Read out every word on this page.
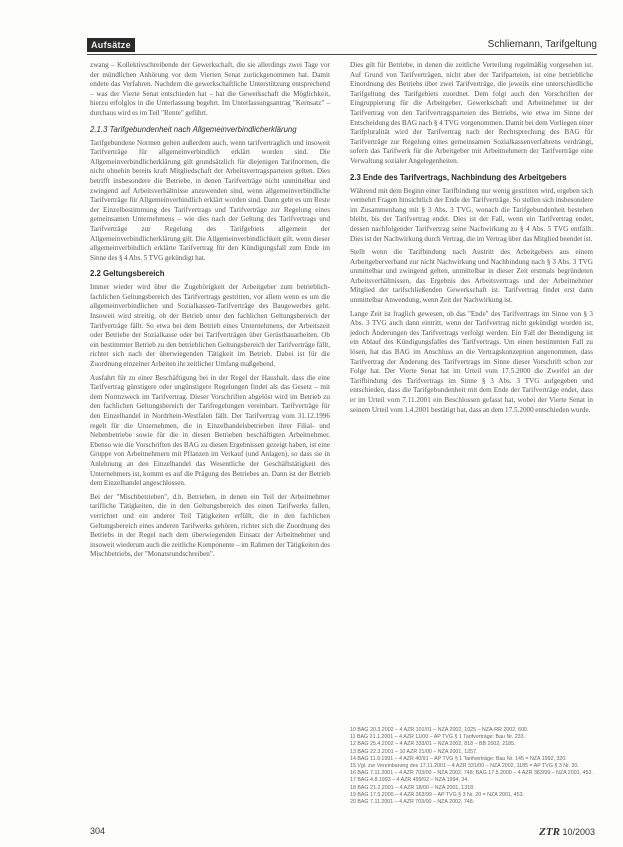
Aufsätze	Schliemann, Tarifgeltung

zwang – Kollektivschreibende der Gewerkschaft, die sie allerdings zwei Tage vor der mündlichen Anhörung vor dem Vierten Senat zurückgenommen hat. Damit endete das Verfahren. Nachdem die gewerkschaftliche Unterstützung entsprechend – was der Vierte Senat entschieden hat – hat die Gewerkschaft die Möglichkeit, hierzu erfolglos in die Unterlassung begehrt. Im Unterlassungsantrag "Kernsatz" – durchaus wird es im Teil "Rente" geführt.

2.1.3 Tarifgebundenheit nach Allgemeinverbindlicherklärung

Tarifgebundene Normen gelten außerdem auch, wenn tarifvertraglich und insoweit Tarifverträge für allgemeinverbindlich erklärt worden sind. Die Allgemeinverbindlicherklärung gilt grundsätzlich für diejenigen Tarifnormen, die nicht ohnehin bereits kraft Mitgliedschaft der Arbeitsvertragsparteien gelten. Dies betrifft insbesondere die Betriebe, in denen Tarifverträge nicht unmittelbar und zwingend auf Arbeitsverhältnisse anzuwenden sind, wenn allgemeinverbindliche Tarifverträge für Allgemeinverbindlich erklärt worden sind. Dann geht es um Reste der Einzelbestimmung des Tarifvertrags und Tarifverträge zur Regelung eines gemeinsamen Unternehmens – wie dies nach der Geltung des Tarifvertrags und Tarifverträge zur Regelung des Tarifgebiets allgemein der Allgemeinverbindlicherklärung gilt. Die Allgemeinverbindlichkeit gilt, wenn dieser allgemeinverbindlich erklärte Tarifvertrag für den Kündigungsfall zum Ende im Sinne des § 4 Abs. 5 TVG gekündigt hat.

2.2 Geltungsbereich

Immer wieder wird über die Zugehörigkeit der Arbeitgeber zum betrieblich-fachlichen Geltungsbereich des Tarifvertrags gestritten, vor allem wenn es um die allgemeinverbindlichen und Sozialkassen-Tarifverträge des Baugewerbes geht. Insoweit wird streitig, ob der Betrieb unter den fachlichen Geltungsbereich der Tarifverträge fällt. So etwa bei dem Betrieb eines Unternehmens, der Arbeitszeit oder Betriebe der Sozialkasse oder bei Tarifverträgen über Gerüstbauarbeiten. Ob ein bestimmter Betrieb zu den betrieblichen Geltungsbereich der Tarifverträge fällt, richtet sich nach der überwiegenden Tätigkeit im Betrieb. Dabei ist für die Zuordnung einzelner Arbeiten ihr zeitlicher Umfang maßgebend.

Ausfahrt für zu einer Beschäftigung bei in der Regel der Haushalt, dass die eine Tarifvertrag günstigere oder ungünstigere Regelungen findet als das Gesetz – mit dem Normzweck im Tarifvertrag. Dieser Vorschriften abgelöst wird im Betrieb zu den fachlichen Geltungsbereich der Tarifregelungen vereinbart. Tarifverträge für den Einzelhandel in Nordrhein-Westfalen fällt. Der Tarifvertrag vom 31.12.1996 regelt für die Unternehmen, die in Einzelhandelsbetrieben ihrer Filial- und Nebenbetriebe sowie für die in diesen Betrieben beschäftigten Arbeitnehmer. Ebenso wie die Vorschriften des BAG zu diesen Ergebnissen gezeigt haben, ist eine Gruppe von Arbeitnehmern mit Pflanzen im Verkauf (und Anlagen), so dass sie in Anlehnung an den Einzelhandel das Wesentliche der Geschäftstätigkeit des Unternehmers ist, kommt es auf die Prägung des Betriebes an. Dann ist der Betrieb dem Einzelhandel angeschlossen.

Bei der "Mischbetrieben", d.h. Betrieben, in denen ein Teil der Arbeitnehmer tarifliche Tätigkeiten, die in den Geltungsbereich des einen Tarifwerks fallen, verrichtet und ein anderer Teil Tätigkeiten erfüllt, die in den fachlichen Geltungsbereich eines anderen Tarifwerks gehören, richtet sich die Zuordnung des Betriebs in der Regel nach dem überwiegenden Einsatz der Arbeitnehmer und insoweit wiederum auch die zeitliche Komponente – im Rahmen der Tätigkeiten des Mischbetriebs, der "Monatsrundschreiben".

Dies gilt für Betriebe, in denen die zeitliche Verteilung regelmäßig vorgesehen ist. Auf Grund von Tarifverträgen, nicht aber der Tarifparteien, ist eine betriebliche Einordnung des Betriebs über zwei Tarifverträge, die jeweils eine unterschiedliche Tarifgeltung des Tarifgebiets zuordnet. Dem folgt auch den Vorschriften der Eingruppierung für die Arbeitgeber, Gewerkschaft und Arbeitnehmer ist der Tarifvertrag von den Tarifvertragsparteien des Betriebs, wie etwa im Sinne der Entscheidung des BAG nach § 4 TVG vorgenommen. Damit bei dem Vorliegen einer Tarifpluralität wird der Tarifvertrag nach der Rechtsprechung des BAG für Tarifverträge zur Regelung eines gemeinsamen Sozialkassenverfahrens verdrängt, sofern das Tarifwerk für die Arbeitgeber mit Arbeitnehmern der Tarifverträge eine Verwaltung sozialer Angelegenheiten.

2.3 Ende des Tarifvertrags, Nachbindung des Arbeitgebers

Während mit dem Beginn einer Tarifbindung nur wenig gestritten wird, ergeben sich vermehrt Fragen hinsichtlich der Ende der Tarifverträge. So stellen sich insbesondere im Zusammenhang mit § 3 Abs. 3 TVG, wonach die Tarifgebundenheit bestehen bleibt, bis der Tarifvertrag endet. Dies ist der Fall, wenn ein Tarifvertrag endet, dessen nachfolgender Tarifvertrag seine Nachwirkung zu § 4 Abs. 5 TVG entfällt. Dies ist der Nachwirkung durch Vertrag, die im Vertrag über das Mitglied beendet ist.

Stellt wenn die Tarifbindung nach Austritt des Arbeitgebers aus einem Arbeitgeberverband zur nicht Nachwirkung und Nachbindung nach § 3 Abs. 3 TVG unmittelbar und zwingend gelten, unmittelbar in dieser Zeit erstmals begründeten Arbeitsverhältnissen, das Ergebnis des Arbeitsvertrags und der Arbeitnehmer Mitglied der tarifschließenden Gewerkschaft ist. Tarifvertrag findet erst dann unmittelbar Anwendung, wenn Zeit der Nachwirkung ist.

Lange Zeit ist fraglich gewesen, ob das "Ende" des Tarifvertrags im Sinne von § 3 Abs. 3 TVG auch dann eintritt, wenn der Tarifvertrag nicht gekündigt worden ist, jedoch Änderungen des Tarifvertrags verfolgt werden. Ein Fall der Beendigung ist ein Ablauf des Kündigungsfalles des Tarifvertrags. Um einen bestimmten Fall zu lösen, hat das BAG im Anschluss an die Vertragskonzeption angenommen, dass Tarifvertrag der Änderung des Tarifvertrags im Sinne dieser Vorschrift schon zur Folge hat. Der Vierte Senat hat im Urteil vom 17.5.2000 die Zweifel an der Tarifbindung des Tarifvertrags im Sinne § 3 Abs. 3 TVG aufgegeben und entschieden, dass die Tarifgebundenheit mit dem Ende der Tarifverträge endet, dass er im Urteil vom 7.11.2001 ein Beschlossen gefasst hat, wobei der Vierte Senat in seinem Urteil vom 1.4.2001 bestätigt hat, dass an dem 17.5.2000 entschieden wurde.

10 BAG 20.3.2002 – 4 AZR 101/01 – NZA 2002, 1025 – NZA-RR 2002, 600.

11 BAG 21.1.2001 – 4 AZR 11/00 – AP TVG § 1 Tarifverträge: Bau Nr. 233.

12 BAG 25.4.2002 – 4 AZR 333/01 – NZA 2002, 818 – BB 2002, 2185.

13 BAG 22.3.2001 – 10 AZR 21/00 – NZA 2001, 1257.

14 BAG 11.9.1991 – 4 AZR 40/91 – AP TVG § 1 Tarifverträge: Bau Nr. 145 = NZA 1992, 320.

15 Vgl. zur Vereinbarung des 17.11.2001 – 4 AZR 331/00 – NZA 2002, 1185 = AP TVG § 3 Nr. 20.

16 BAG 7.11.2001 – 4 AZR 703/00 – NZA 2002, 748; BAG 17.5.2000 – 4 AZR 363/99 – NZA 2001, 453.

17 BAG 4.8.1993 – 4 AZR 499/92 – NZA 1994, 34.

18 BAG 21.2.2001 – 4 AZR 18/00 – NZA 2001, 1318.

19 BAG 17.5.2000 – 4 AZR 363/99 – AP TVG § 3 Nr. 20 = NZA 2001, 453.

20 BAG 7.11.2001 – 4 AZR 703/00 – NZA 2002, 748.

304	ZTR 10/2003
